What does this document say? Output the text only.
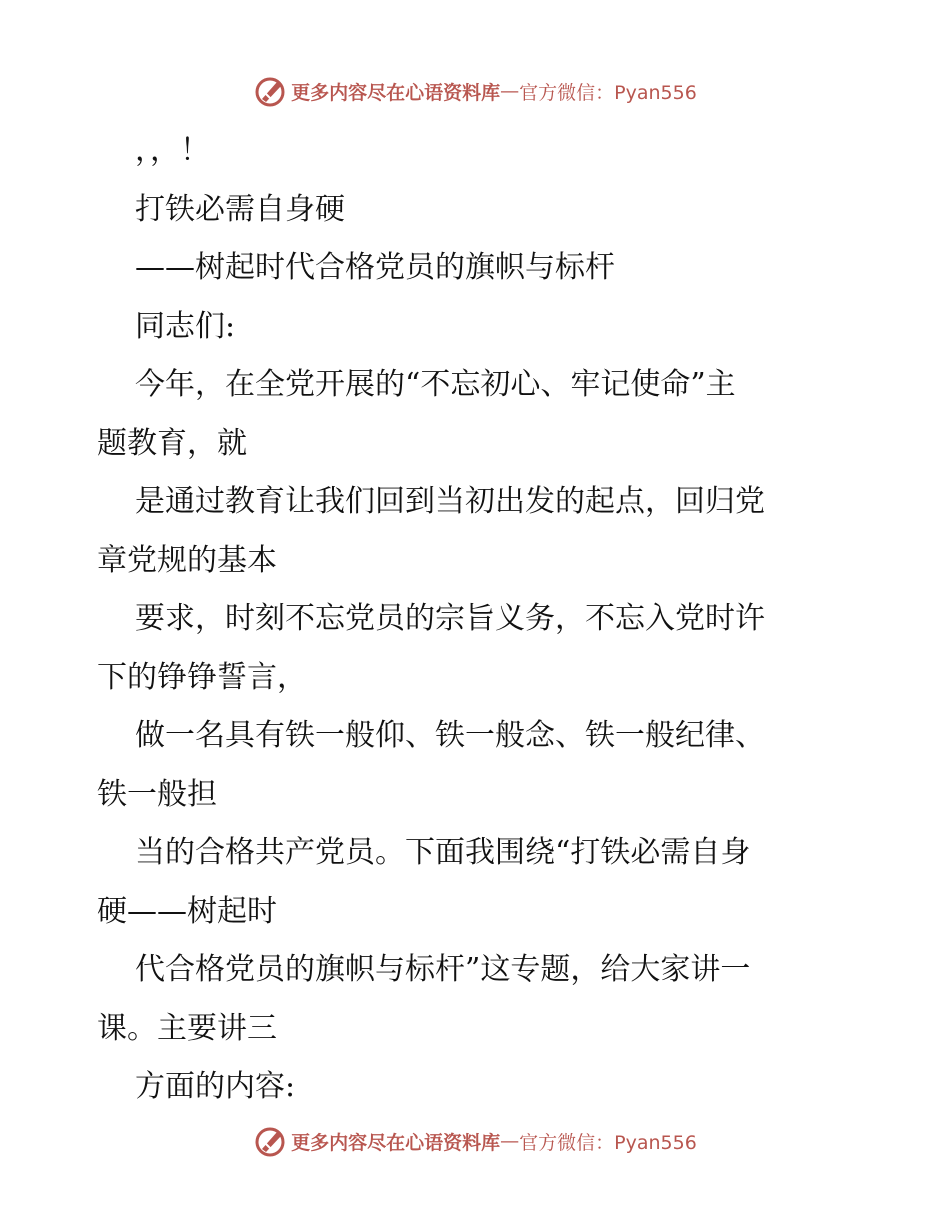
更多内容尽在心语资料库 — 官方微信：Pyan556
，，！
打铁必需自身硬
——树起时代合格党员的旗帜与标杆
同志们:
今年，在全党开展的“不忘初心、牢记使命”主
题教育，就
是通过教育让我们回到当初出发的起点，回归党
章党规的基本
要求，时刻不忘党员的宗旨义务，不忘入党时许
下的铮铮誓言，
做一名具有铁一般仰、铁一般念、铁一般纪律、
铁一般担
当的合格共产党员。下面我围绕“打铁必需自身
硬——树起时
代合格党员的旗帜与标杆”这专题，给大家讲一
课。主要讲三
方面的内容:
更多内容尽在心语资料库 — 官方微信：Pyan556
